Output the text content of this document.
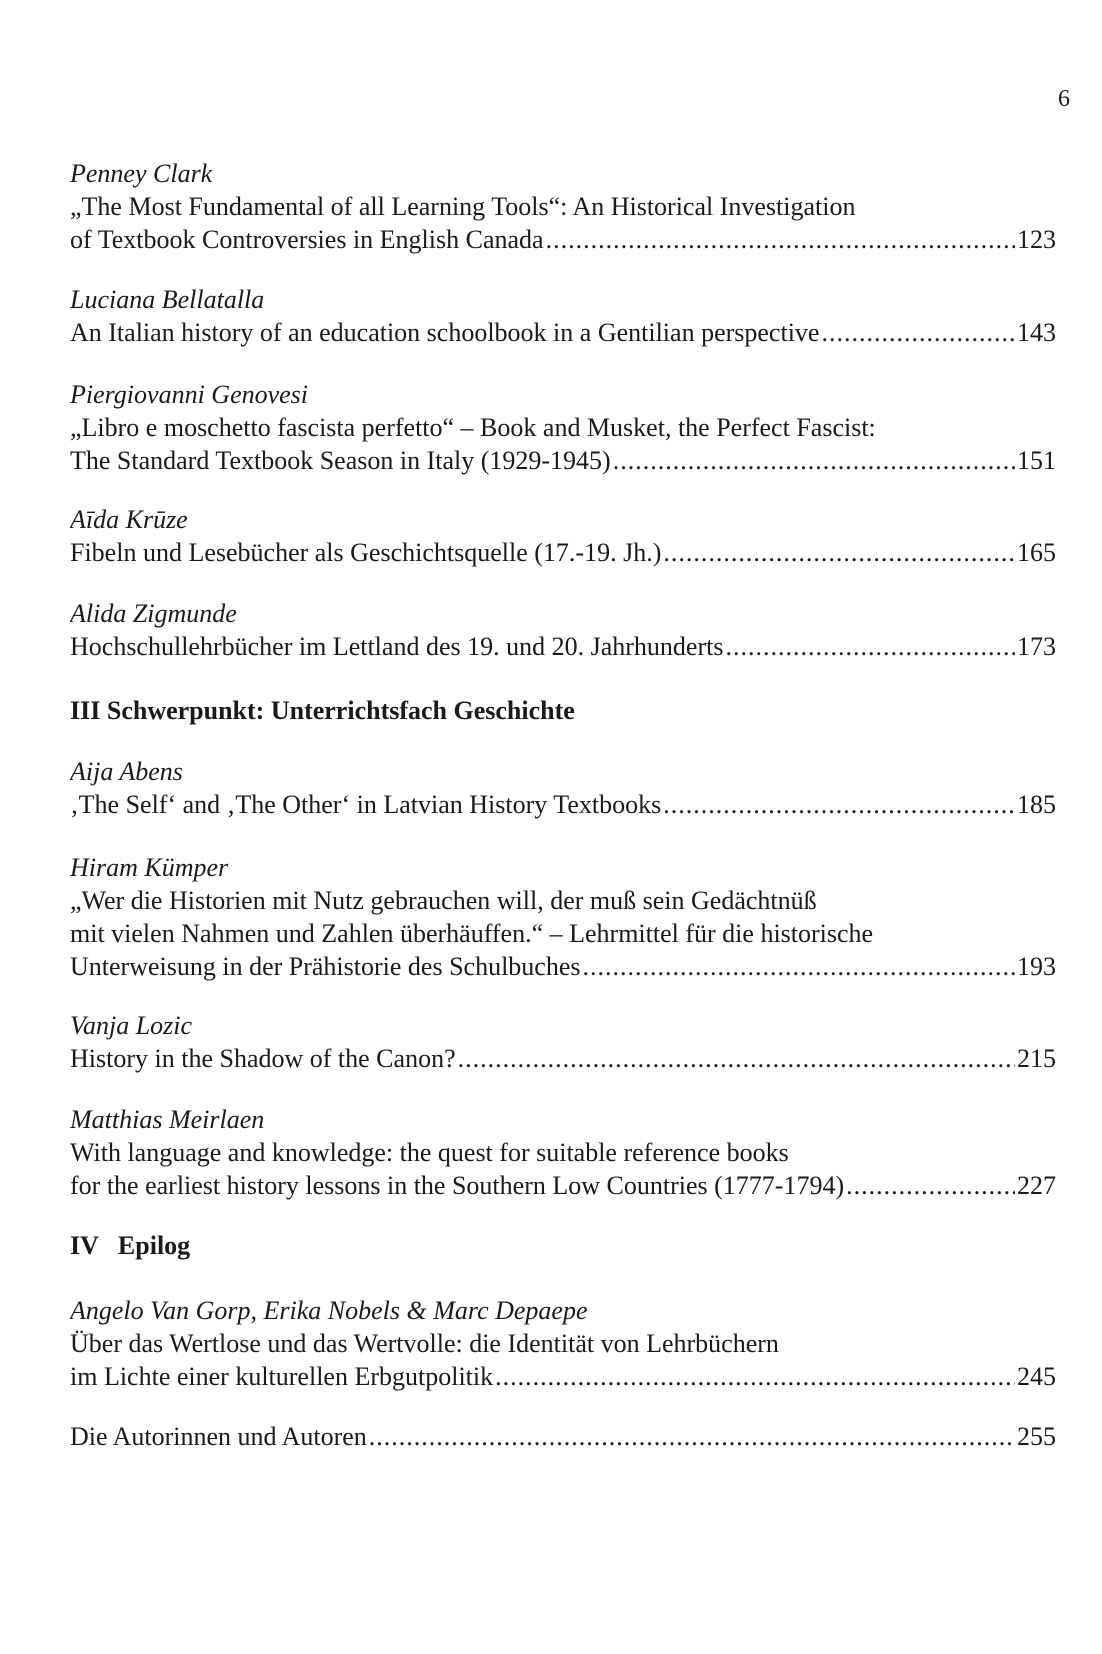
6
Penney Clark
„The Most Fundamental of all Learning Tools“: An Historical Investigation
of Textbook Controversies in English Canada .....	123
Luciana Bellatalla
An Italian history of an education schoolbook in a Gentilian perspective .....	143
Piergiovanni Genovesi
„Libro e moschetto fascista perfetto“ – Book and Musket, the Perfect Fascist:
The Standard Textbook Season in Italy (1929-1945) .....	151
Aīda Krūze
Fibeln und Lesebücher als Geschichtsquelle (17.-19. Jh.) .....	165
Alida Zigmunde
Hochschullehrbücher im Lettland des 19. und 20. Jahrhunderts .....	173
III Schwerpunkt: Unterrichtsfach Geschichte
Aija Abens
‚The Self‘ and ‚The Other‘ in Latvian History Textbooks .....	185
Hiram Kümper
„Wer die Historien mit Nutz gebrauchen will, der muß sein Gedächtnüß
mit vielen Nahmen und Zahlen überhäuffen.“ – Lehrmittel für die historische
Unterweisung in der Prähistorie des Schulbuches .....	193
Vanja Lozic
History in the Shadow of the Canon? .....	215
Matthias Meirlaen
With language and knowledge: the quest for suitable reference books
for the earliest history lessons in the Southern Low Countries (1777-1794) .....	227
IV   Epilog
Angelo Van Gorp, Erika Nobels & Marc Depaepe
Über das Wertlose und das Wertvolle: die Identität von Lehrbüchern
im Lichte einer kulturellen Erbgutpolitik .....	245
Die Autorinnen und Autoren .....	255
